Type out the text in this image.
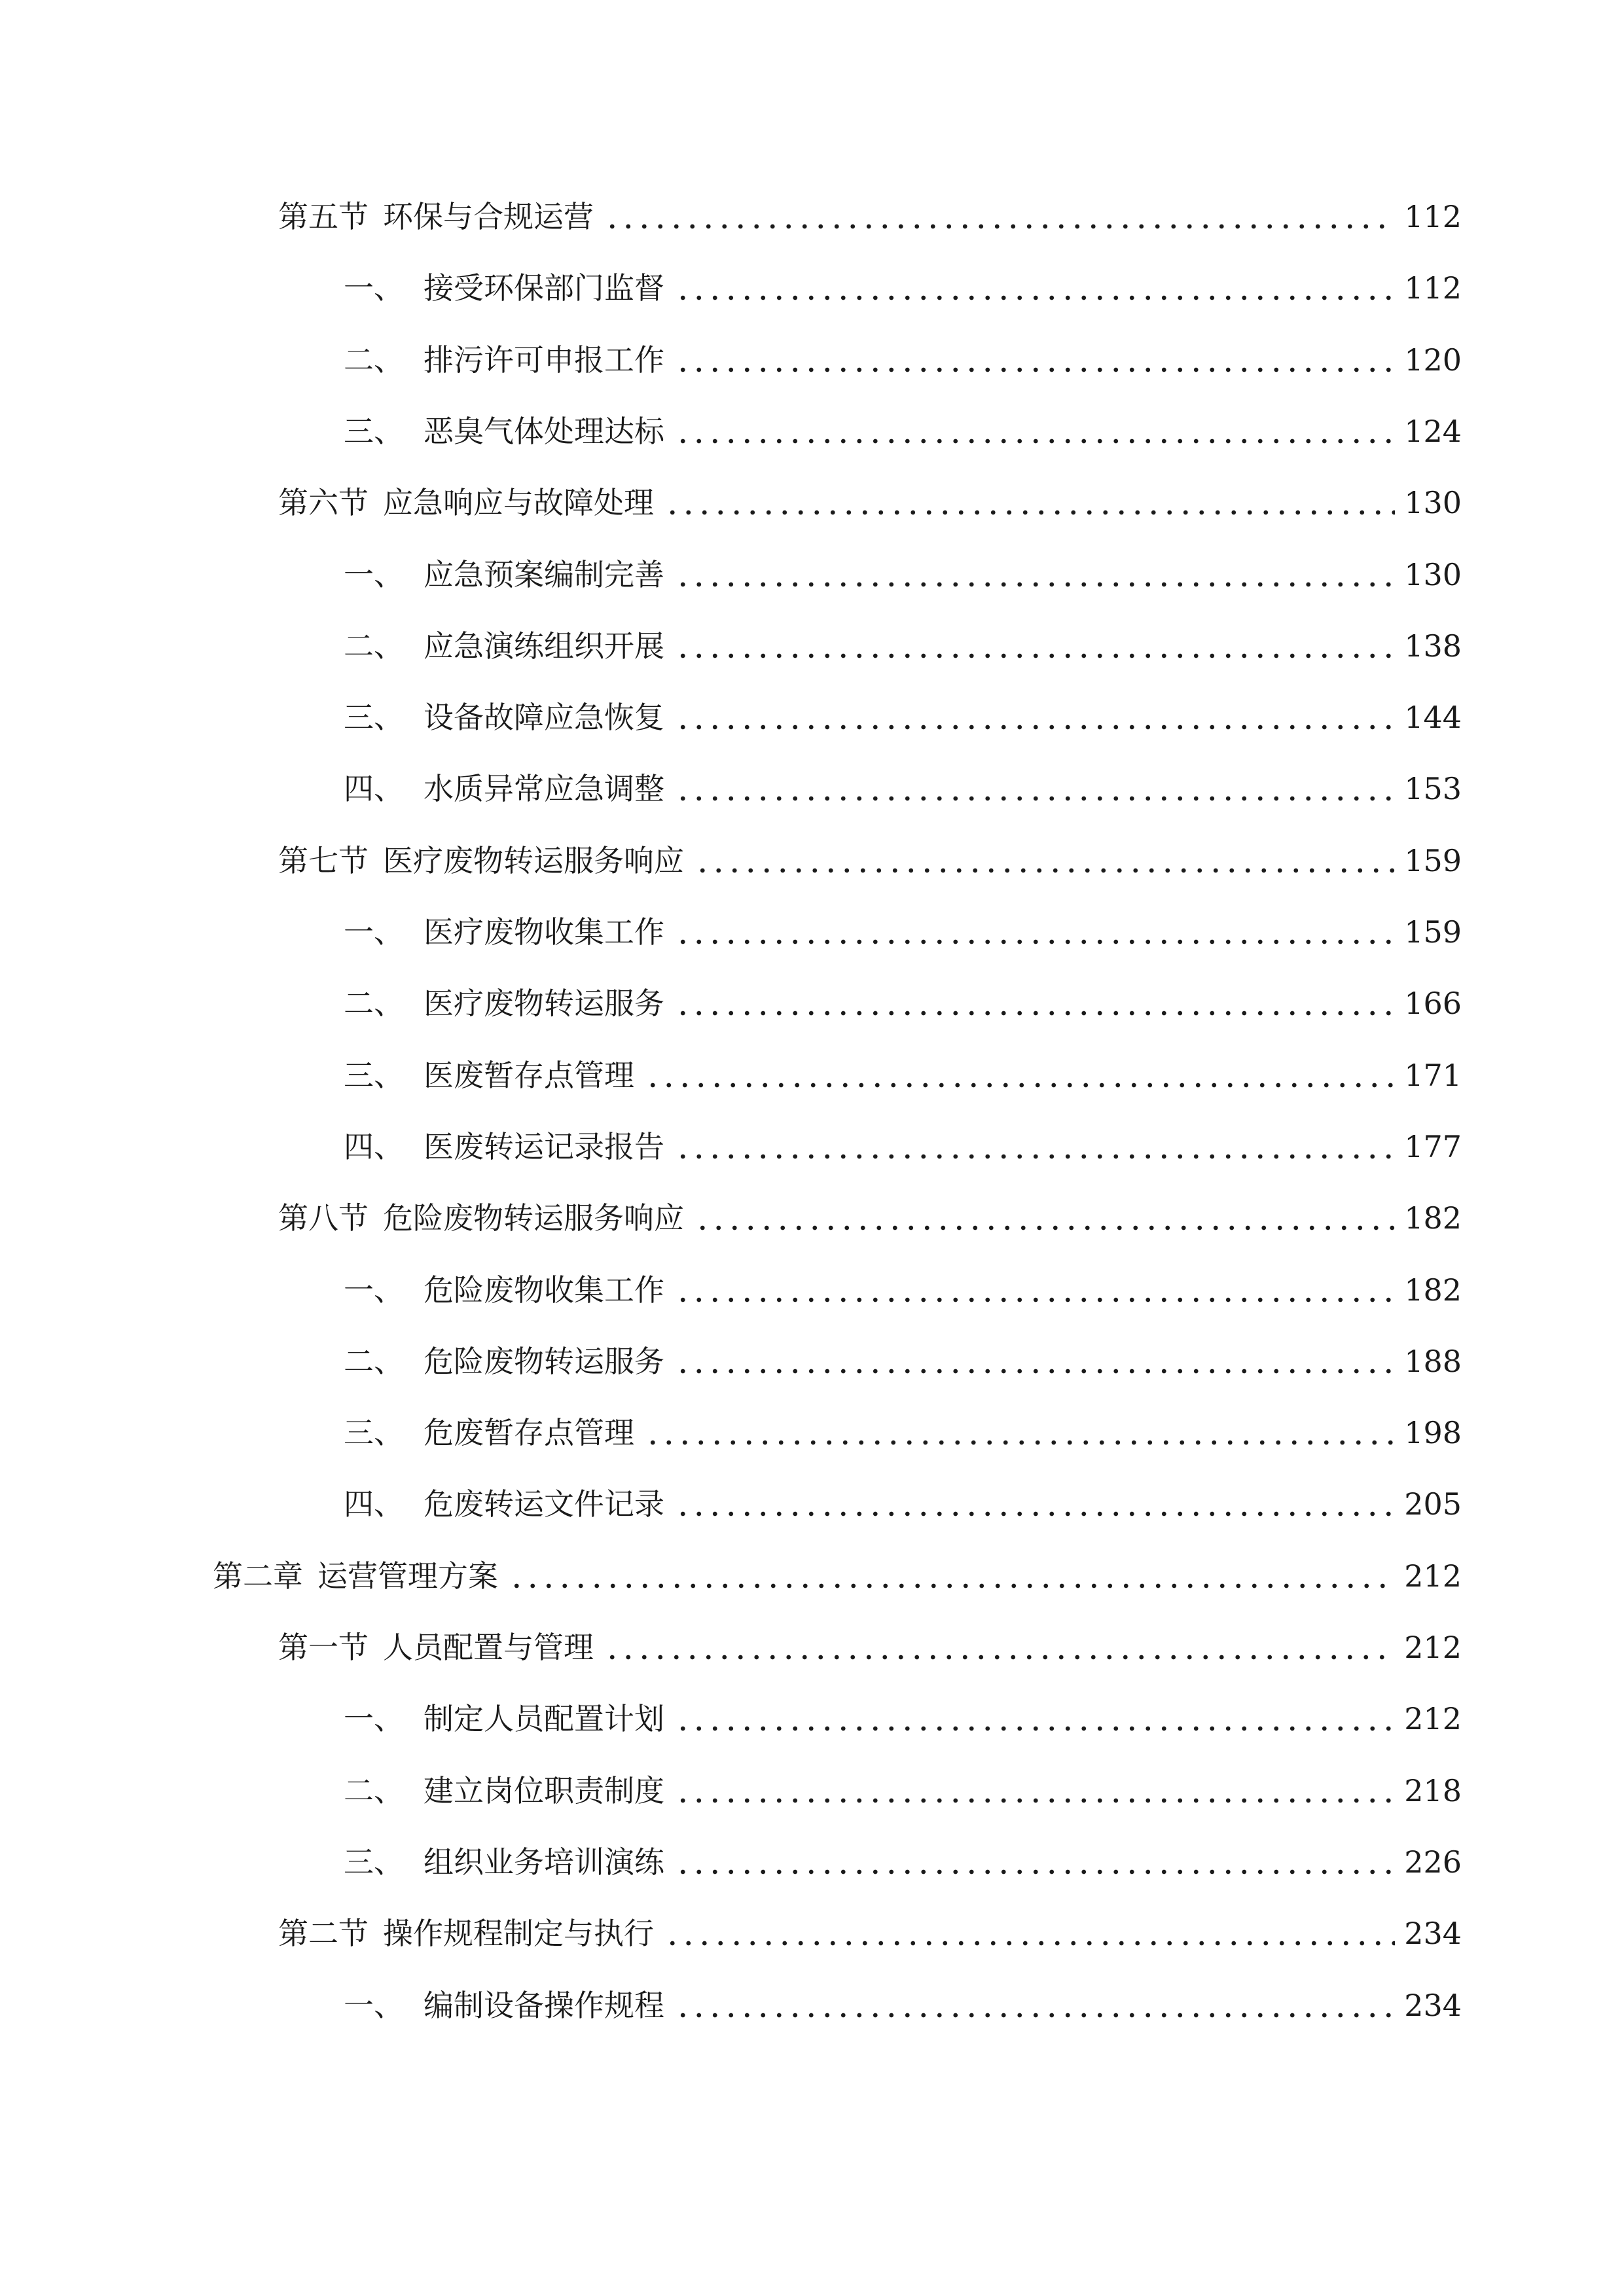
第五节 环保与合规运营	112
一、 接受环保部门监督	112
二、 排污许可申报工作	120
三、 恶臭气体处理达标	124
第六节 应急响应与故障处理	130
一、 应急预案编制完善	130
二、 应急演练组织开展	138
三、 设备故障应急恢复	144
四、 水质异常应急调整	153
第七节 医疗废物转运服务响应	159
一、 医疗废物收集工作	159
二、 医疗废物转运服务	166
三、 医废暂存点管理	171
四、 医废转运记录报告	177
第八节 危险废物转运服务响应	182
一、 危险废物收集工作	182
二、 危险废物转运服务	188
三、 危废暂存点管理	198
四、 危废转运文件记录	205
第二章 运营管理方案	212
第一节 人员配置与管理	212
一、 制定人员配置计划	212
二、 建立岗位职责制度	218
三、 组织业务培训演练	226
第二节 操作规程制定与执行	234
一、 编制设备操作规程	234
